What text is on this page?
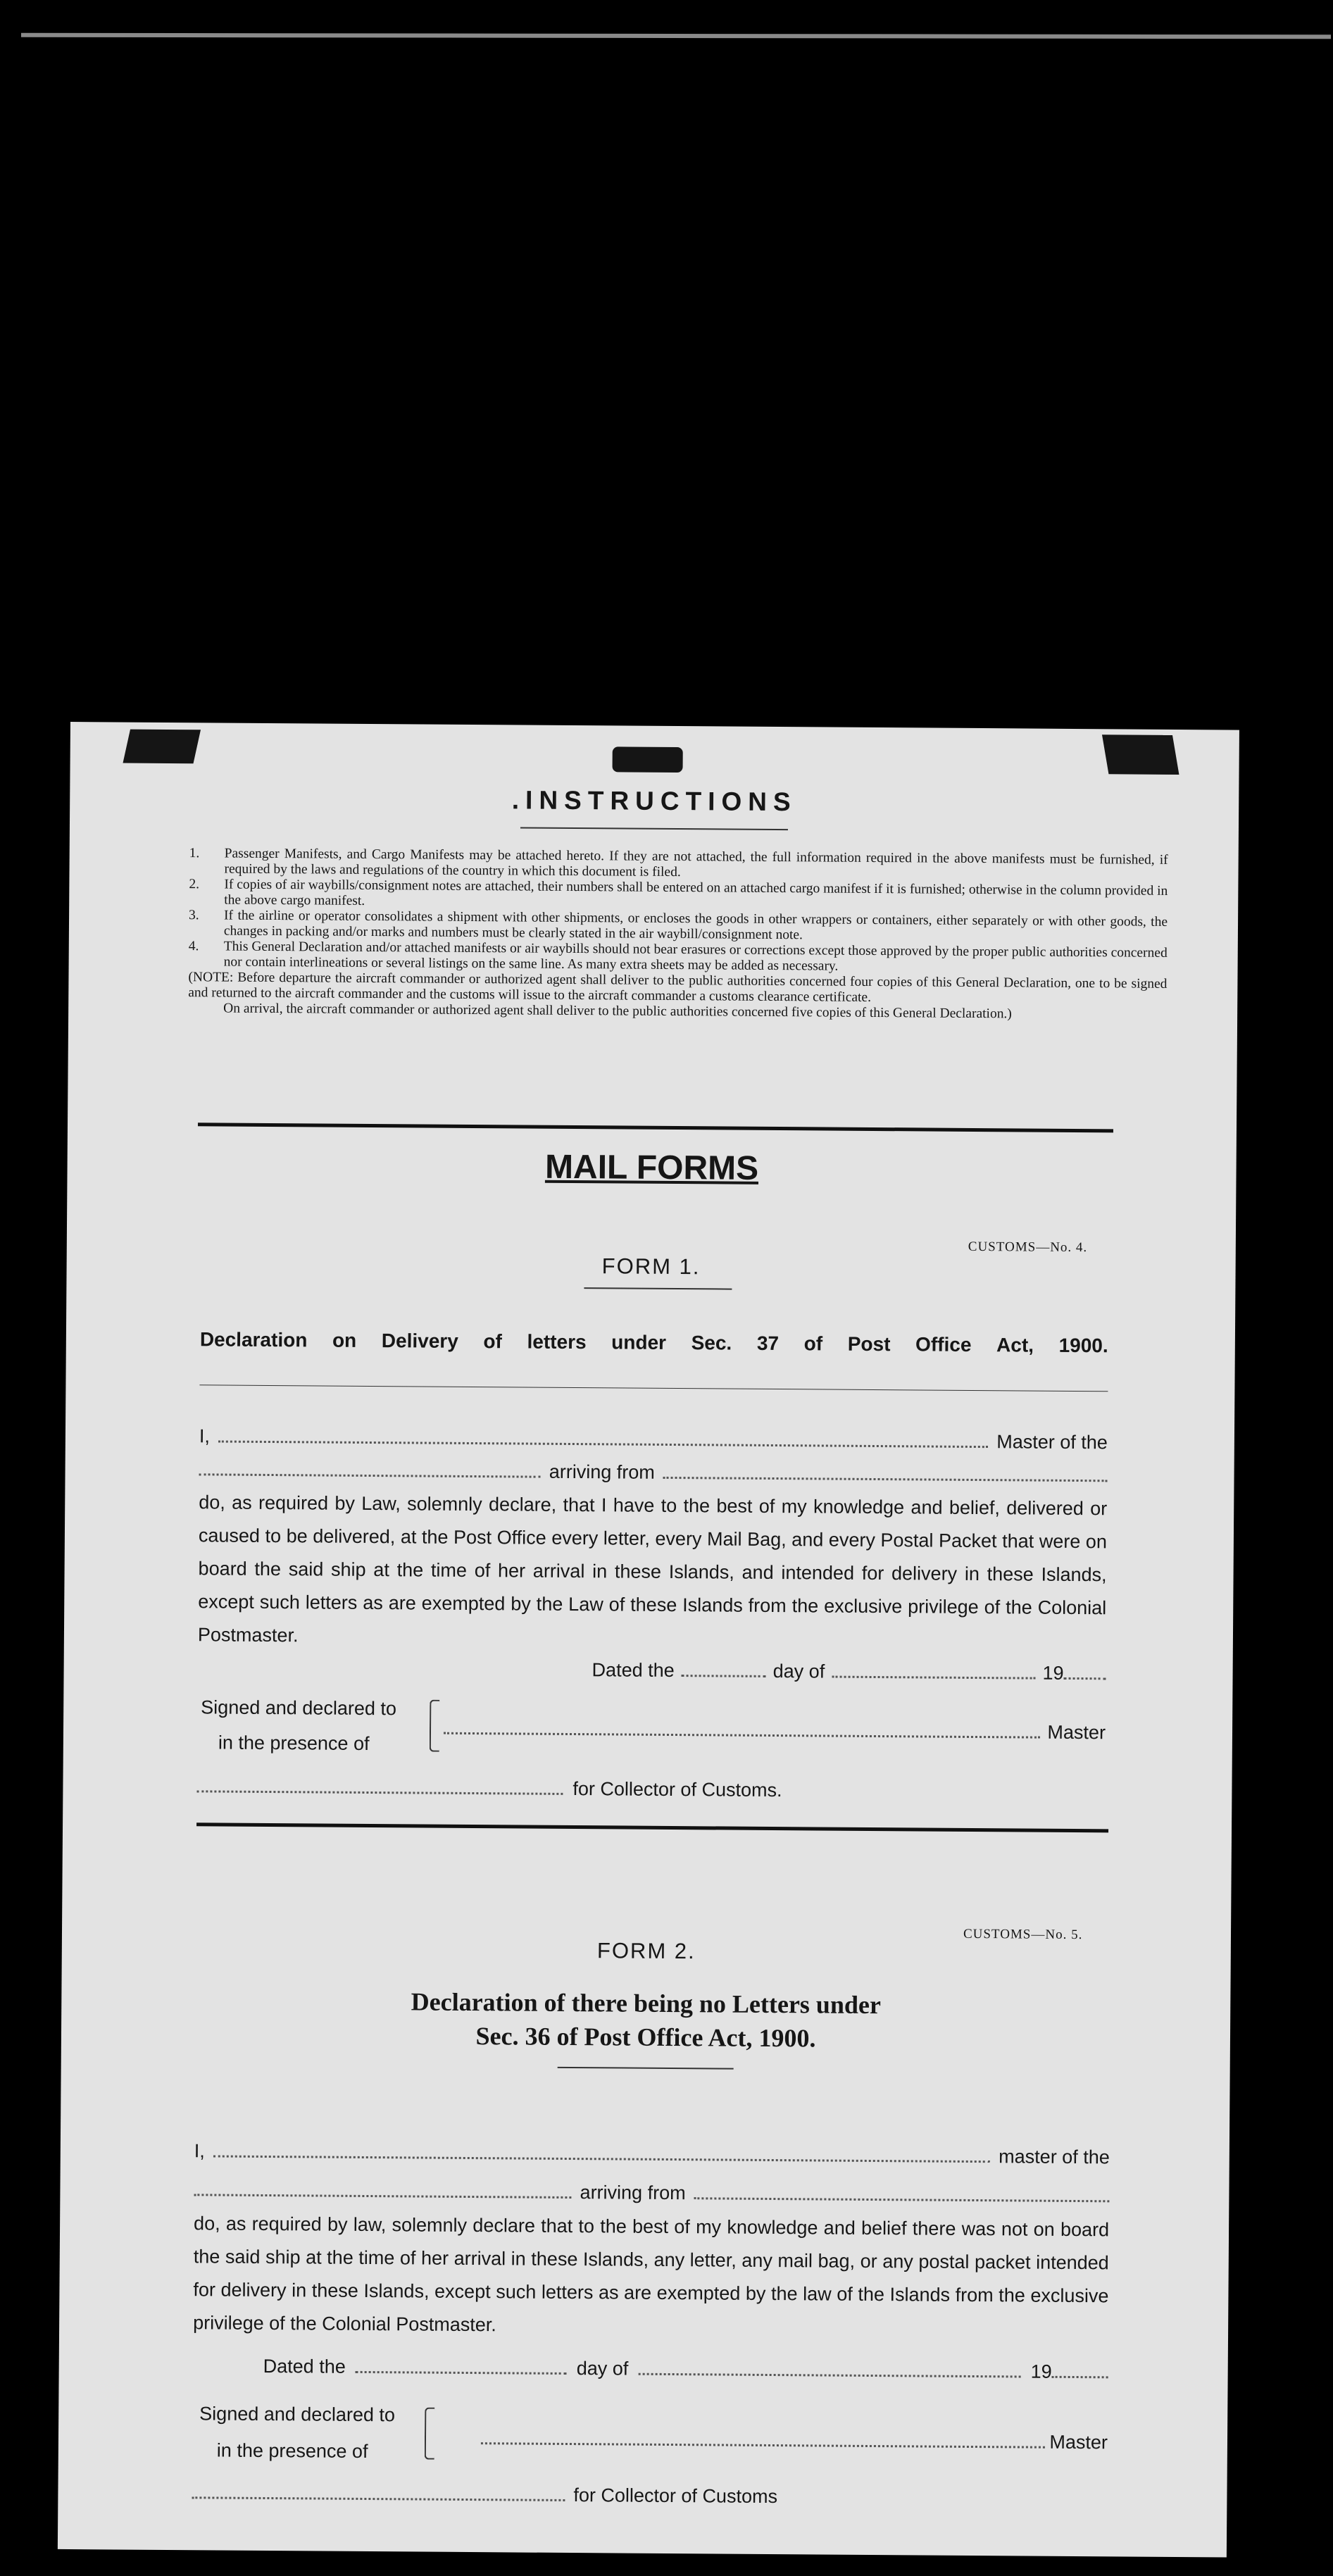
.INSTRUCTIONS
1.	Passenger Manifests, and Cargo Manifests may be attached hereto. If they are not attached, the full information required in the above manifests must be furnished, if required by the laws and regulations of the country in which this document is filed.
2.	If copies of air waybills/consignment notes are attached, their numbers shall be entered on an attached cargo manifest if it is furnished; otherwise in the column provided in the above cargo manifest.
3.	If the airline or operator consolidates a shipment with other shipments, or encloses the goods in other wrappers or containers, either separately or with other goods, the changes in packing and/or marks and numbers must be clearly stated in the air waybill/consignment note.
4.	This General Declaration and/or attached manifests or air waybills should not bear erasures or corrections except those approved by the proper public authorities concerned nor contain interlineations or several listings on the same line. As many extra sheets may be added as necessary.
(NOTE: Before departure the aircraft commander or authorized agent shall deliver to the public authorities concerned four copies of this General Declaration, one to be signed and returned to the aircraft commander and the customs will issue to the aircraft commander a customs clearance certificate.
On arrival, the aircraft commander or authorized agent shall deliver to the public authorities concerned five copies of this General Declaration.)
MAIL FORMS
CUSTOMS—No. 4.
FORM 1.
Declaration on Delivery of letters under Sec. 37 of Post Office Act, 1900.
I,	Master of the
arriving from
do, as required by Law, solemnly declare, that I have to the best of my knowledge and belief, delivered or caused to be delivered, at the Post Office every letter, every Mail Bag, and every Postal Packet that were on board the said ship at the time of her arrival in these Islands, and intended for delivery in these Islands, except such letters as are exempted by the Law of these Islands from the exclusive privilege of the Colonial Postmaster.
Dated the	day of	19
Signed and declared to
in the presence of	Master
for Collector of Customs.
CUSTOMS—No. 5.
FORM 2.
Declaration of there being no Letters under
Sec. 36 of Post Office Act, 1900.
I,	master of the
arriving from
do, as required by law, solemnly declare that to the best of my knowledge and belief there was not on board the said ship at the time of her arrival in these Islands, any letter, any mail bag, or any postal packet intended for delivery in these Islands, except such letters as are exempted by the law of the Islands from the exclusive privilege of the Colonial Postmaster.
Dated the	day of	19
Signed and declared to
in the presence of	Master
for Collector of Customs
